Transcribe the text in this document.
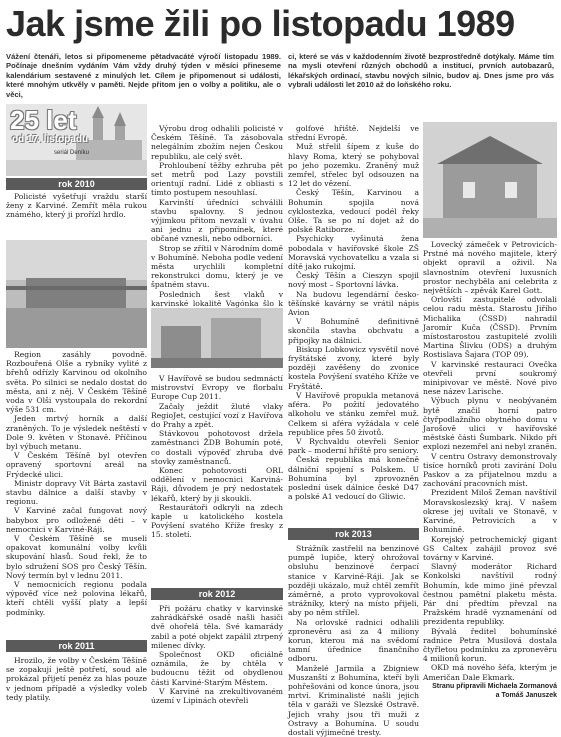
Jak jsme žili po listopadu 1989
Vážení čtenáři, letos si připomeneme pětadvacáté výročí listopadu 1989. Počínaje dnešním vydáním Vám vždy druhý týden v měsíci přineseme kalendárium sestavené z minulých let. Cílem je připomenout si události, které mnohým utkvěly v paměti. Nejde přitom jen o volby a politiku, ale o věci,
ci, které se vás v každodenním životě bezprostředně dotýkaly. Máme tím na mysli otevření různých obchodů a institucí, prvních autobazarů, lékařských ordinací, stavbu nových silnic, budov aj. Dnes jsme pro vás vybrali události let 2010 až do loňského roku.
25 let
od 17. listopadu
seriál Deníku
rok 2010

Policisté vyšetřují vraždu starší ženy z Karviné. Zemřít měla rukou známého, který ji prořízl hrdlo.

Region zasáhly povodně. Rozbouřená Olše a rybníky vylité z břehů odřízly Karvinou od okolního světa. Po silnici se nedalo dostat do města, ani z něj. V Českém Těšíně voda v Olši vystoupala do rekordní výše 531 cm.

Jeden mrtvý horník a další zraněných. To je výsledek neštěstí v Dole 9. květen v Stonavě. Příčinou byl výbuch metanu.

V Českém Těšíně byl otevřen opravený sportovní areál na Frýdecké ulici.

Ministr dopravy Vít Bárta zastavil stavbu dálnice a další stavby v regionu.

V Karviné začal fungovat nový babybox pro odložené děti – v nemocnici v Karviné-Ráji.

V Českém Těšíně se museli opakovat komunální volby kvůli skupování hlasů. Soud řekl, že to bylo sdružení SOS pro Český Těšín. Nový termín byl v lednu 2011.

V nemocnicích regionu podala výpověď více než polovina lékařů, kteří chtěli vyšší platy a lepší podmínky.

rok 2011

Hrozilo, že volby v Českém Těšíně se zopakují ještě potřetí, soud ale prokázal přijetí peněz za hlas pouze v jednom případě a výsledky voleb tedy platily.

Výrobu drog odhalili policisté v Českém Těšíně. Ta zásobovala nelegálním zbožím nejen Českou republiku, ale celý svět.

Prohloubení těžby ezhruba pět set metrů pod Lazy povstili orientují radní. Lidé z obliasti s tímto postupem nesouhlasí.

Karvinští úředníci schválili stavbu spalovny. S jednou výjimkou přitom nevzali v úvahu ani jednu z připomínek, které občané vznesli, nebo odborníci.

Strop se zřítil v Národním domě v Bohumíně. Neboha podle vedení města urychlili kompletní rekonstrukci domu, který je ve špatném stavu.

Poslednich šest vlaků v karvinské lokalitě Vagónka šlo k

V Havířově se budou sedmnáctí mistrovství Evropy ve florbalu Europe Cup 2011.

Začaly ježdit žluté vlaky RegioJet, cestující vozí z Havířova do Prahy a zpět.

Stávkovou pohotovost držela zaměstnanci ŽDB Bohumín poté, co dostali výpověď zhruba dvě stovky zaměstnanců.

Konec pohotovosti ORL oddělení v nemocnici Karviná-Ráji, důvodem je prý nedostatek lékařů, který by ji skoukli.

Restaurátoři odkryli na zdech kaple u katolického kostela Povýšení svatého Kříže fresky z 15. století.

rok 2012

Při požáru chatky v karvinské zahrádkářské osadě našli hasiči dvě ohořelá těla. Své kamarády zabil a poté objekt zapálil ztrpený milenec dívky.

Společnost OKD oficiálně oznámila, že by chtěla v budoucnu těžit od obydlenou části Karviné-Starým Městem.

V Karviné na zrekultivovaném území v Lipinách otevřeli

golfové hřiště. Nejdelší ve střední Evropě.

Muž střelil šípem z kuše do hlavy Roma, který se pohyboval po jeho pozemku. Zraněný muž zemřel, střelec byl odsouzen na 12 let do vězení.

Český Těšín, Karvinou a Bohumín spojila nová cyklostezka, vedoucí podél řeky Olše. Ta se po ní dojet až do polské Ratiborze.

Psychicky vyšinutá žena pobodala v havířovské škole ZŠ Moravská vychovatelku a vzala si dítě jako rukojmí.

Český Těšín a Cieszyn spojil nový most – Sportovní lávka.

Na budovu legendární česko-těšínské kavárny se vrátil nápis Avion

V Bohumíně definitivně skončila stavba obchvatu a připojky na dálnici.

Biskup Lobkowicz vysvětil nové fryštátské zvony, které byly později zavěšeny do zvonice kostela Povýšení svatého Kříže ve Fryštátě.

V Havířově propukla metanová aféra. Po požití jedovatého alkoholu ve stánku zemřel muž. Celkem si aféra vyžádala v celé republice přes 50 životů.

V Rychvaldu otevřeli Senior park – moderní hřiště pro seniory.

Česká republika má konečně dálniční spojení s Polskem. U Bohumína byl zprovozněn poslední úsek dálnice české D47 a polské A1 vedoucí do Gliwic.

rok 2013

Strážník zastřelil na benzinové pumpě lupiče, který ohrožoval obsluhu benzinové čerpací stanice v Karviné-Ráji. Jak se později ukázalo, muž chtěl zemřít záměrně, a proto vyprovokoval strážníky, který na místo přijeli, aby po něm střílel.

Na orlovské radnici odhalili zpronevěru asi za 4 miliony korun, kterou má na svědomí tamní úřednice finančního odboru.

Manželé Jarmila a Zbigniew Muszanští z Bohumína, kteří byli pohřešováni od konce února, jsou mrtví. Kriminalisté našli jejich těla v garáži ve Slezské Ostravě. Jejich vrahy jsou tři muži z Ostravy a Bohumína. U soudu dostali výjimečné tresty.

Lovecký zámeček v Petrovicích-Prstné má nového majitele, který objekt opravil a oživil. Na slavnostním otevření luxusních prostor nechyběla ani celebrita z největších – zpěvák Karel Gott.

Orlovští zastupitelé odvolali celou radu města. Starostu Jiřího Michalika (ČSSD) nahradil Jaromír Kuča (ČSSD). Prvním místostarostou zastupitelé zvolili Martina Šlivku (ODS) a druhým Rostislava Šajara (TOP 09).

V karvinské restauraci Ovečka otevřeli první soukromý minipivovar ve městě. Nové pivo nese název Larische.

Výbuch plynu v neobývaném bytě značil horní patro čtyřpodlažního obytného domu v Jarošově ulici v havířovské městské části Šumbark. Nikdo při explozi nezemřel ani nebyl zraněn.

V centru Ostravy demonstrovaly tisíce horníků proti zavírání Dolu Paskov a za přijatelnou mzdu a zachování pracovních míst.

Prezident Miloš Zeman navštívil Moravskoslezský kraj. V našem okrese jej uvítali ve Stonavě, v Karviné, Petrovicích a v Bohumíně.

Korejský petrochemický gigant GS Caltex zahájil provoz své továrny v Karviné.

Slavný moderátor Richard Konkolski navštívil rodný Bohumín, kde mimo jiné převzal čestnou pamětní plaketu města. Pár dní předtím převzal na Pražském hradě vyznamenání od prezidenta republiky.

Bývalá ředitel bohumínské radnice Petra Musilová dostala čtyřletou podmínku za zpronevěru 4 milionů korun.

OKD má nového šéfa, kterým je Američan Dale Ekmark.

Stranu připravili Michaela Zormanová

a Tomáš Januszek
